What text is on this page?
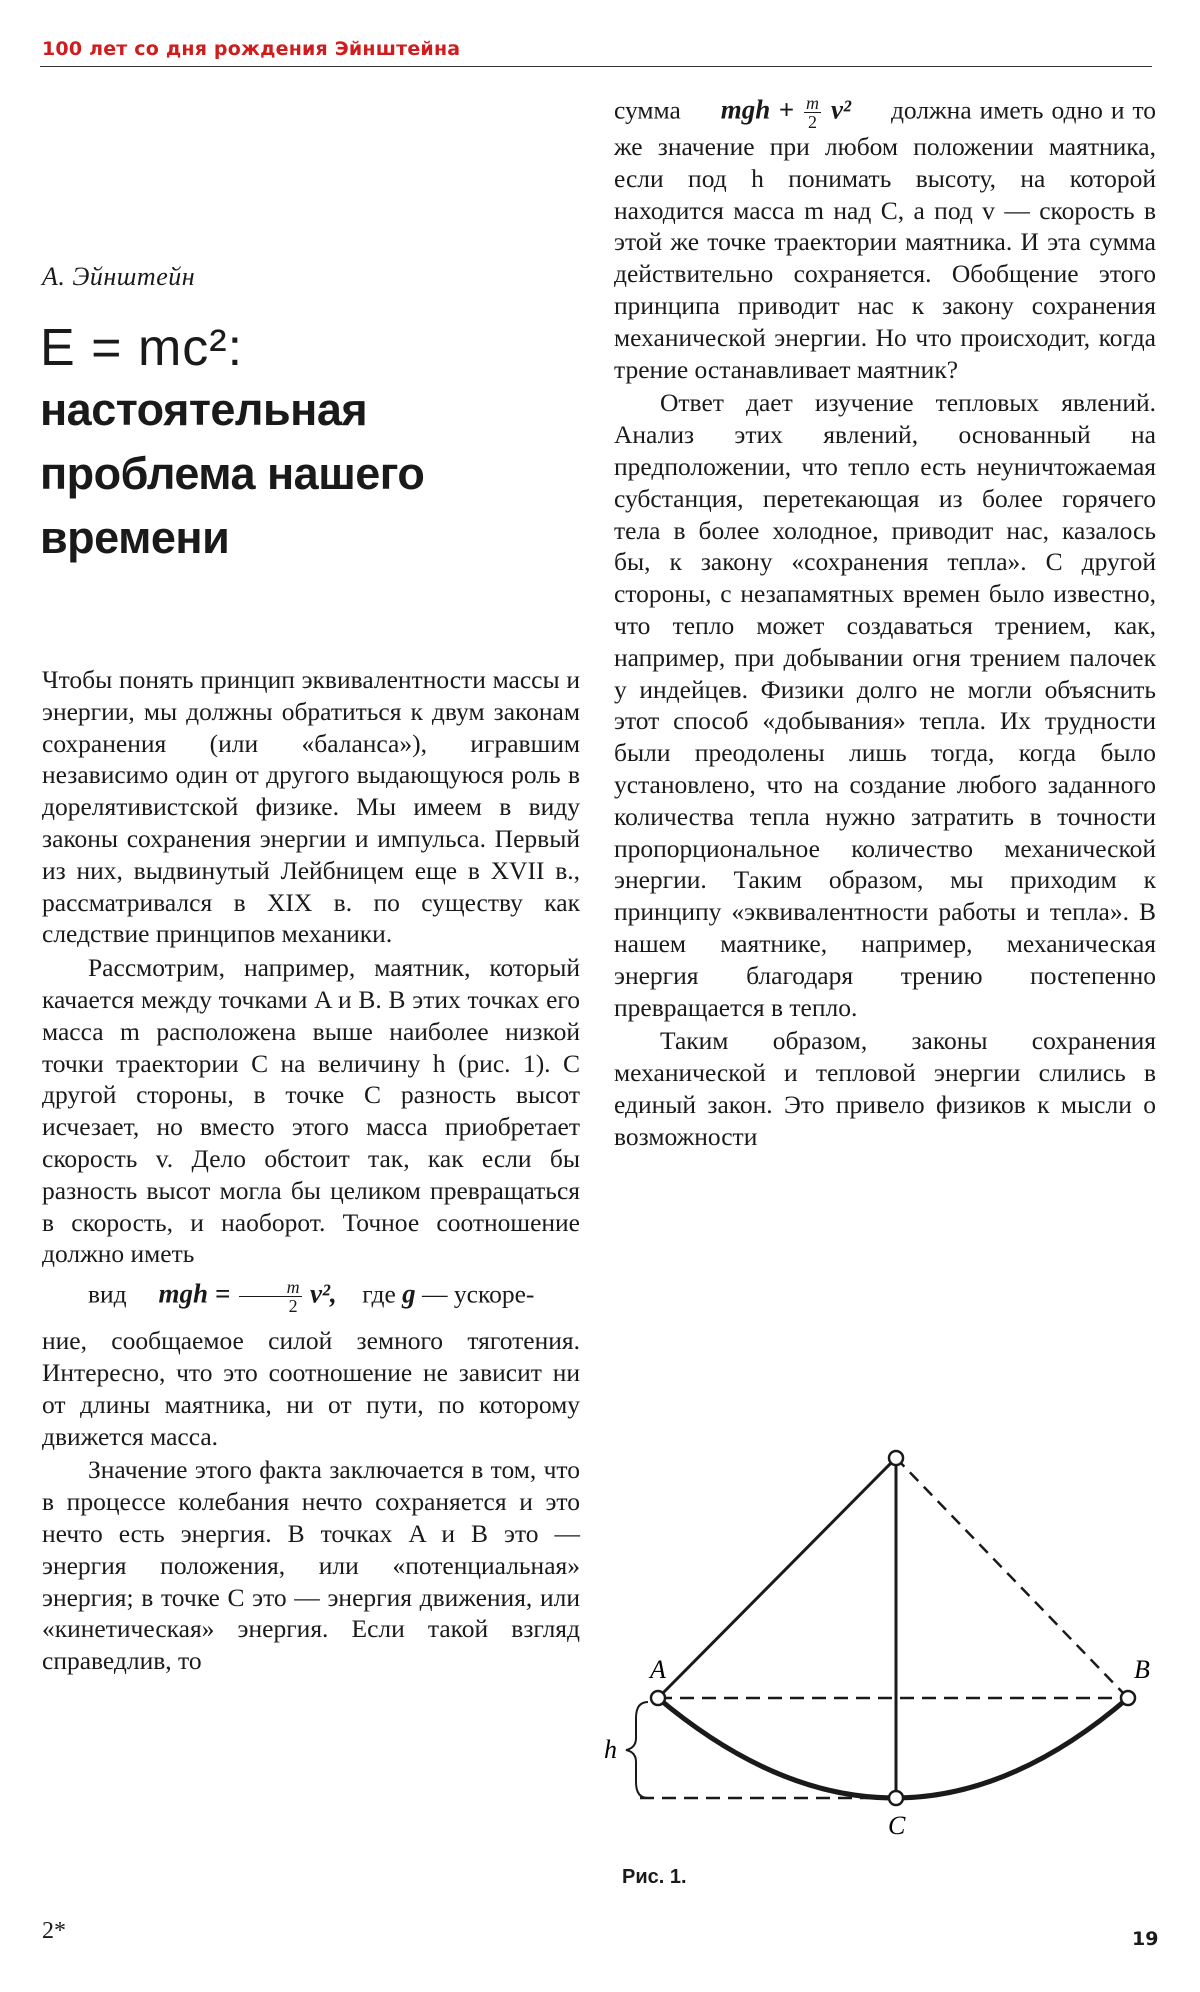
100 лет со дня рождения Эйнштейна
А. Эйнштейн
E = mc²:
настоятельная проблема нашего времени

Чтобы понять принцип эквивалентности массы и энергии, мы должны обратиться к двум законам сохранения (или «баланса»), игравшим независимо один от другого выдающуюся роль в дорелятивистской физике. Мы имеем в виду законы сохранения энергии и импульса. Первый из них, выдвинутый Лейбницем еще в XVII в., рассматривался в XIX в. по существу как следствие принципов механики.

Рассмотрим, например, маятник, который качается между точками A и B. В этих точках его масса m расположена выше наиболее низкой точки траектории C на величину h (рис. 1). С другой стороны, в точке C разность высот исчезает, но вместо этого масса приобретает скорость v. Дело обстоит так, как если бы разность высот могла бы целиком превращаться в скорость, и наоборот. Точное соотношение должно иметь
вид mgh = $\frac{m}{2} v^2$, где g — ускоре-
ние, сообщаемое силой земного тяготения. Интересно, что это соотношение не зависит ни от длины маятника, ни от пути, по которому движется масса.

Значение этого факта заключается в том, что в процессе колебания нечто сохраняется и это нечто есть энергия. В точках A и B это — энергия положения, или «потенциальная» энергия; в точке C это — энергия движения, или «кинетическая» энергия. Если такой взгляд справедлив, то

сумма mgh + $\frac{m}{2} v^2$ должна иметь одно и то же значение при любом положении маятника, если под h понимать высоту, на которой находится масса m над C, а под v — скорость в этой же точке траектории маятника. И эта сумма действительно сохраняется. Обобщение этого принципа приводит нас к закону сохранения механической энергии. Но что происходит, когда трение останавливает маятник?

Ответ дает изучение тепловых явлений. Анализ этих явлений, основанный на предположении, что тепло есть неуничтожаемая субстанция, перетекающая из более горячего тела в более холодное, приводит нас, казалось бы, к закону «сохранения тепла». С другой стороны, с незапамятных времен было известно, что тепло может создаваться трением, как, например, при добывании огня трением палочек у индейцев. Физики долго не могли объяснить этот способ «добывания» тепла. Их трудности были преодолены лишь тогда, когда было установлено, что на создание любого заданного количества тепла нужно затратить в точности пропорциональное количество механической энергии. Таким образом, мы приходим к принципу «эквивалентности работы и тепла». В нашем маятнике, например, механическая энергия благодаря трению постепенно превращается в тепло.

Таким образом, законы сохранения механической и тепловой энергии слились в единый закон. Это привело физиков к мысли о возможности

A	B
C
h
Рис. 1.
2*	19
